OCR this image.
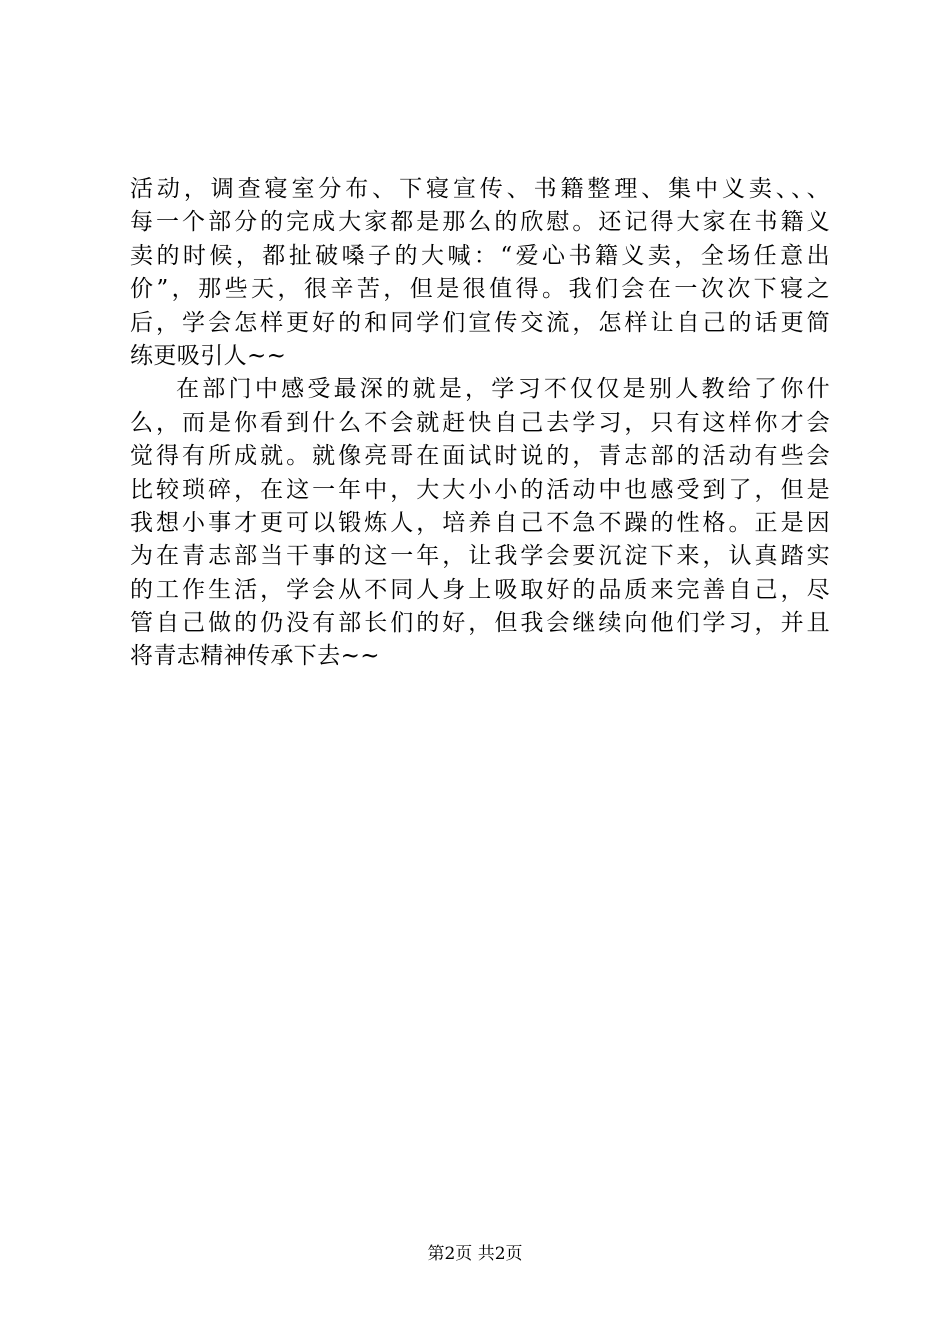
活动，调查寝室分布、下寝宣传、书籍整理、集中义卖、、、
每一个部分的完成大家都是那么的欣慰。还记得大家在书籍义
卖的时候，都扯破嗓子的大喊：“爱心书籍义卖，全场任意出
价”，那些天，很辛苦，但是很值得。我们会在一次次下寝之
后，学会怎样更好的和同学们宣传交流，怎样让自己的话更简
练更吸引人~~
在部门中感受最深的就是，学习不仅仅是别人教给了你什
么，而是你看到什么不会就赶快自己去学习，只有这样你才会
觉得有所成就。就像亮哥在面试时说的，青志部的活动有些会
比较琐碎，在这一年中，大大小小的活动中也感受到了，但是
我想小事才更可以锻炼人，培养自己不急不躁的性格。正是因
为在青志部当干事的这一年，让我学会要沉淀下来，认真踏实
的工作生活，学会从不同人身上吸取好的品质来完善自己，尽
管自己做的仍没有部长们的好，但我会继续向他们学习，并且
将青志精神传承下去~~
第2页 共2页
